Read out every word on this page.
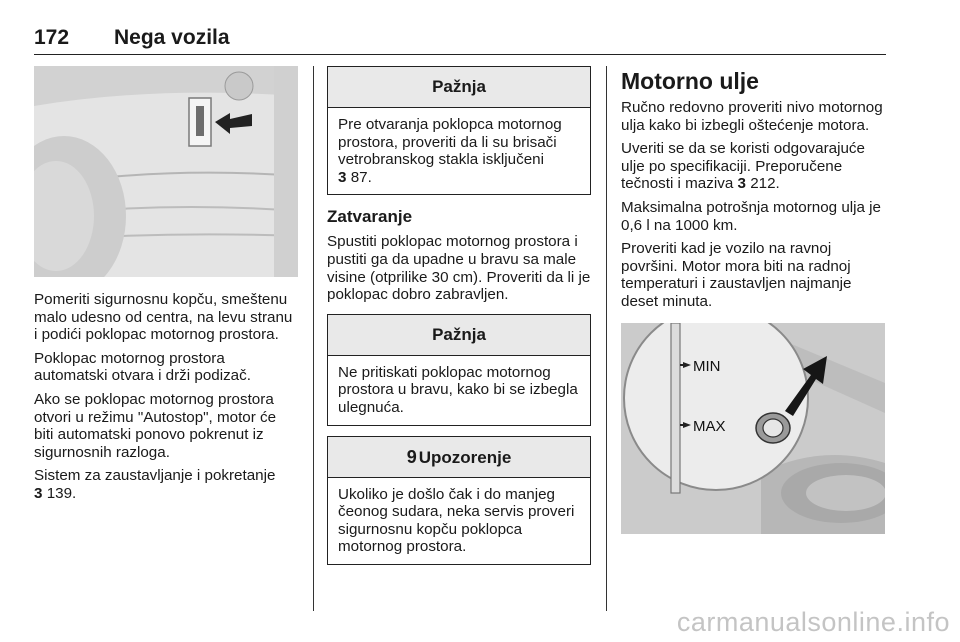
172 Nega vozila

Pomeriti sigurnosnu kopču, smeštenu malo udesno od centra, na levu stranu i podići poklopac motornog prostora.

Poklopac motornog prostora automatski otvara i drži podizač.

Ako se poklopac motornog prostora otvori u režimu "Autostop", motor će biti automatski ponovo pokrenut iz sigurnosnih razloga.

Sistem za zaustavljanje i pokretanje
3 139.

Pažnja

Pre otvaranja poklopca motornog prostora, proveriti da li su brisači vetrobranskog stakla isključeni
3 87.

Zatvaranje

Spustiti poklopac motornog prostora i pustiti ga da upadne u bravu sa male visine (otprilike 30 cm). Proveriti da li je poklopac dobro zabravljen.

Pažnja

Ne pritiskati poklopac motornog prostora u bravu, kako bi se izbegla ulegnuća.

9 Upozorenje

Ukoliko je došlo čak i do manjeg čeonog sudara, neka servis proveri sigurnosnu kopču poklopca motornog prostora.

Motorno ulje

Ručno redovno proveriti nivo motornog ulja kako bi izbegli oštećenje motora.

Uveriti se da se koristi odgovarajuće ulje po specifikaciji. Preporučene tečnosti i maziva 3 212.

Maksimalna potrošnja motornog ulja je 0,6 l na 1000 km.

Proveriti kad je vozilo na ravnoj površini. Motor mora biti na radnoj temperaturi i zaustavljen najmanje deset minuta.

MIN
MAX
carmanualsonline.info
